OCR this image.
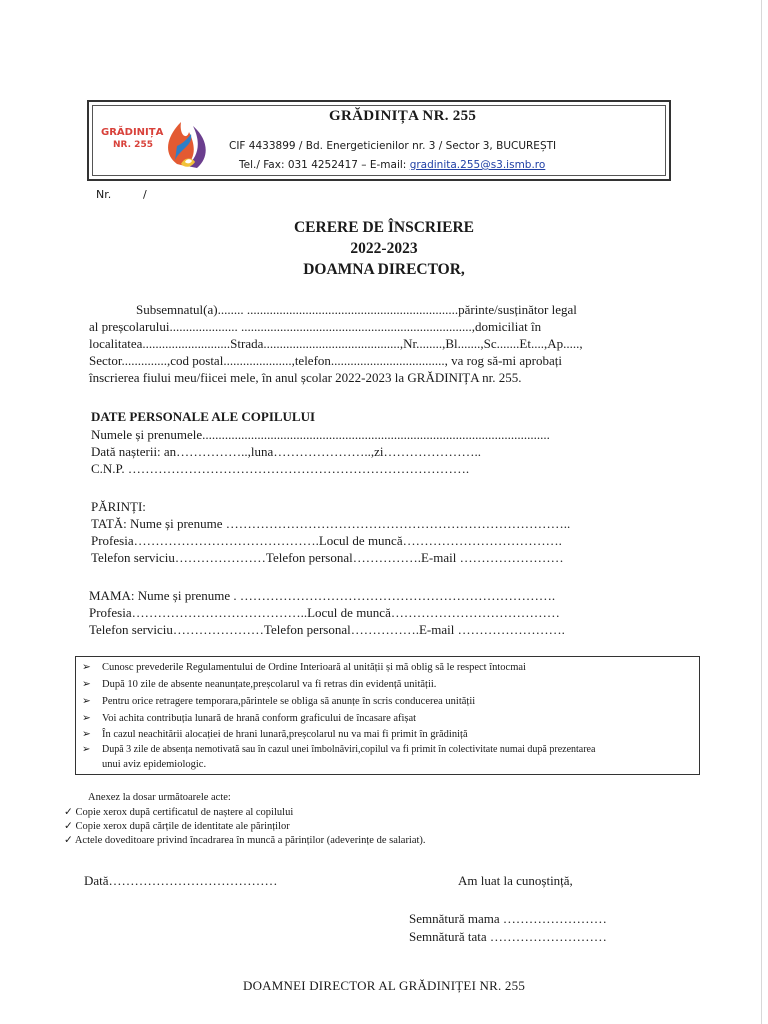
GRĂDINIȚA
NR. 255
GRĂDINIȚA NR. 255
CIF 4433899 / Bd. Energeticienilor nr. 3 / Sector 3, BUCUREȘTI
Tel./ Fax: 031 4252417 – E-mail: gradinita.255@s3.ismb.ro
Nr.	/
CERERE DE ÎNSCRIERE
2022-2023
DOAMNA DIRECTOR,
Subsemnatul(a)........ .................................................................părinte/susținător legal
al preșcolarului..................... .......................................................................,domiciliat în
localitatea...........................Strada..........................................,Nr........,Bl.......,Sc.......Et....,Ap.....,
Sector..............,cod postal.....................,telefon..................................., va rog să-mi aprobați
înscrierea fiului meu/fiicei mele, în anul școlar 2022-2023 la GRĂDINIȚA nr. 255.
DATE PERSONALE ALE COPILULUI
Numele și prenumele...........................................................................................................
Dată nașterii: an……………..,luna…………………..,zi…………………..
C.N.P. …………………………………………………………………….
PĂRINȚI:
TATĂ: Nume și prenume ……………………………………………………………………..
Profesia…………………………………….Locul de muncă……………………………….
Telefon serviciu…………………Telefon personal…………….E-mail ……………………
MAMA: Nume și prenume . ……………………………………………………………….
Profesia…………………………………..Locul de muncă…………………………………
Telefon serviciu…………………Telefon personal…………….E-mail …………………….
➢ Cunosc prevederile Regulamentului de Ordine Interioară al unității și mă oblig să le respect întocmai
➢ După 10 zile de absente neanunțate,preșcolarul va fi retras din evidență unității.
➢ Pentru orice retragere temporara,părintele se obliga să anunțe în scris conducerea unității
➢ Voi achita contribuția lunară de hrană conform graficului de încasare afișat
➢ În cazul neachitării alocației de hrani lunară,preșcolarul nu va mai fi primit în grădiniță
➢ După 3 zile de absența nemotivată sau în cazul unei îmbolnăviri,copilul va fi primit în colectivitate numai după prezentarea
unui aviz epidemiologic.
Anexez la dosar următoarele acte:
✓ Copie xerox după certificatul de naștere al copilului
✓ Copie xerox după cărțile de identitate ale părinților
✓ Actele doveditoare privind încadrarea în muncă a părinților (adeverințe de salariat).
Dată…………………………………	Am luat la cunoștință,
Semnătură mama ……………………
Semnătură tata ………………………
DOAMNEI DIRECTOR AL GRĂDINIȚEI NR. 255
